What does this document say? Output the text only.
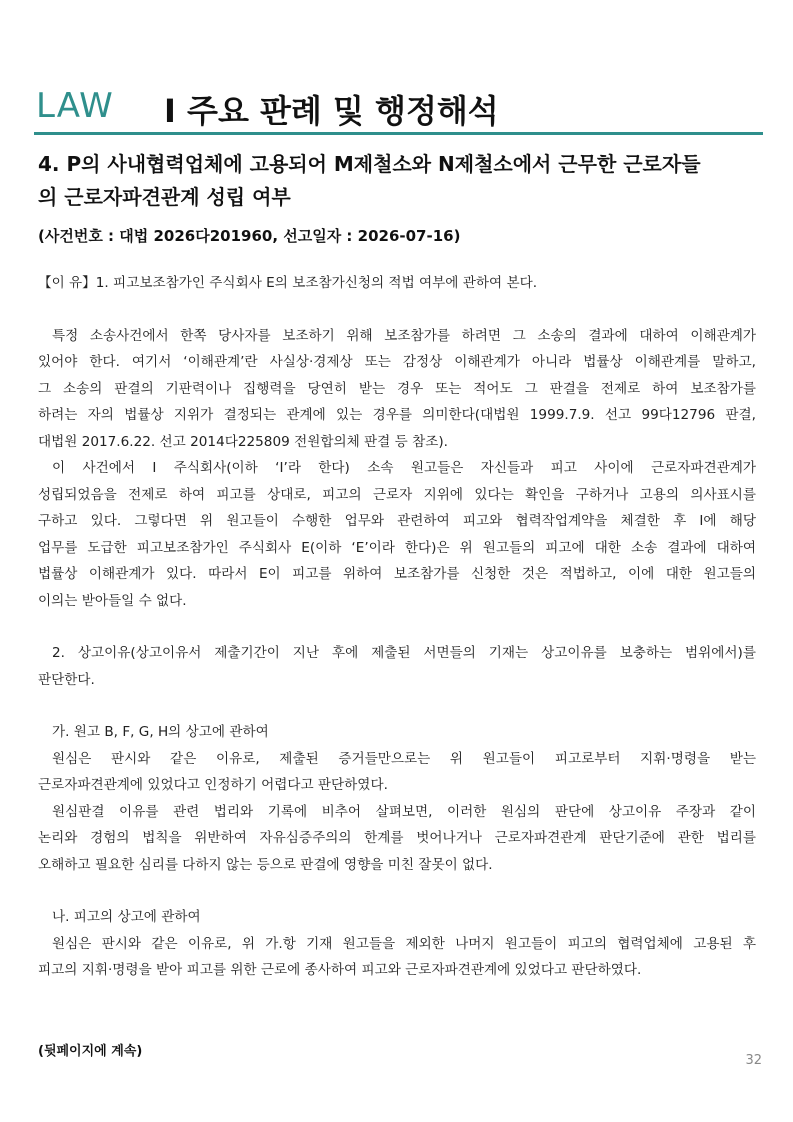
LAW I 주요 판례 및 행정해석
4. P의 사내협력업체에 고용되어 M제철소와 N제철소에서 근무한 근로자들
의 근로자파견관계 성립 여부
(사건번호 : 대법 2026다201960, 선고일자 : 2026-07-16)

【이 유】1. 피고보조참가인 주식회사 E의 보조참가신청의 적법 여부에 관하여 본다.

특정 소송사건에서 한쪽 당사자를 보조하기 위해 보조참가를 하려면 그 소송의 결과에 대하여 이해관계가

있어야 한다. 여기서 ‘이해관계’란 사실상·경제상 또는 감정상 이해관계가 아니라 법률상 이해관계를 말하고,

그 소송의 판결의 기판력이나 집행력을 당연히 받는 경우 또는 적어도 그 판결을 전제로 하여 보조참가를

하려는 자의 법률상 지위가 결정되는 관계에 있는 경우를 의미한다(대법원 1999.7.9. 선고 99다12796 판결,

대법원 2017.6.22. 선고 2014다225809 전원합의체 판결 등 참조).

이 사건에서 I 주식회사(이하 ‘I’라 한다) 소속 원고들은 자신들과 피고 사이에 근로자파견관계가

성립되었음을 전제로 하여 피고를 상대로, 피고의 근로자 지위에 있다는 확인을 구하거나 고용의 의사표시를

구하고 있다. 그렇다면 위 원고들이 수행한 업무와 관련하여 피고와 협력작업계약을 체결한 후 I에 해당

업무를 도급한 피고보조참가인 주식회사 E(이하 ‘E’이라 한다)은 위 원고들의 피고에 대한 소송 결과에 대하여

법률상 이해관계가 있다. 따라서 E이 피고를 위하여 보조참가를 신청한 것은 적법하고, 이에 대한 원고들의

이의는 받아들일 수 없다.

2. 상고이유(상고이유서 제출기간이 지난 후에 제출된 서면들의 기재는 상고이유를 보충하는 범위에서)를

판단한다.

가. 원고 B, F, G, H의 상고에 관하여

원심은 판시와 같은 이유로, 제출된 증거들만으로는 위 원고들이 피고로부터 지휘·명령을 받는

근로자파견관계에 있었다고 인정하기 어렵다고 판단하였다.

원심판결 이유를 관련 법리와 기록에 비추어 살펴보면, 이러한 원심의 판단에 상고이유 주장과 같이

논리와 경험의 법칙을 위반하여 자유심증주의의 한계를 벗어나거나 근로자파견관계 판단기준에 관한 법리를

오해하고 필요한 심리를 다하지 않는 등으로 판결에 영향을 미친 잘못이 없다.

나. 피고의 상고에 관하여

원심은 판시와 같은 이유로, 위 가.항 기재 원고들을 제외한 나머지 원고들이 피고의 협력업체에 고용된 후

피고의 지휘·명령을 받아 피고를 위한 근로에 종사하여 피고와 근로자파견관계에 있었다고 판단하였다.

(뒷페이지에 계속)
32
